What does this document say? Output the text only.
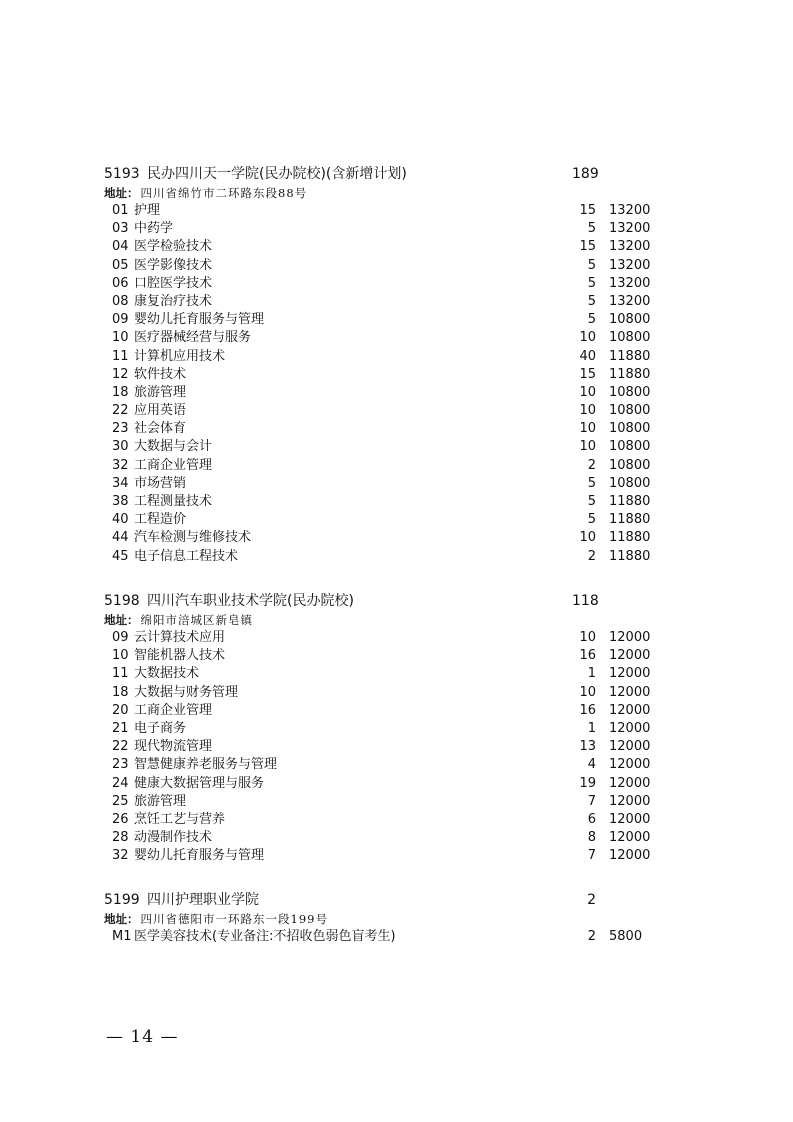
5193 民办四川天一学院(民办院校)(含新增计划)	189
地址： 四川省绵竹市二环路东段88号
01 护理	15 13200
03 中药学	5 13200
04 医学检验技术	15 13200
05 医学影像技术	5 13200
06 口腔医学技术	5 13200
08 康复治疗技术	5 13200
09 婴幼儿托育服务与管理	5 10800
10 医疗器械经营与服务	10 10800
11 计算机应用技术	40 11880
12 软件技术	15 11880
18 旅游管理	10 10800
22 应用英语	10 10800
23 社会体育	10 10800
30 大数据与会计	10 10800
32 工商企业管理	2 10800
34 市场营销	5 10800
38 工程测量技术	5 11880
40 工程造价	5 11880
44 汽车检测与维修技术	10 11880
45 电子信息工程技术	2 11880
5198 四川汽车职业技术学院(民办院校)	118
地址： 绵阳市涪城区新皂镇
09 云计算技术应用	10 12000
10 智能机器人技术	16 12000
11 大数据技术	1 12000
18 大数据与财务管理	10 12000
20 工商企业管理	16 12000
21 电子商务	1 12000
22 现代物流管理	13 12000
23 智慧健康养老服务与管理	4 12000
24 健康大数据管理与服务	19 12000
25 旅游管理	7 12000
26 烹饪工艺与营养	6 12000
28 动漫制作技术	8 12000
32 婴幼儿托育服务与管理	7 12000
5199 四川护理职业学院	2
地址： 四川省德阳市一环路东一段199号
M1 医学美容技术(专业备注:不招收色弱色盲考生)	2 5800
— 14 —
